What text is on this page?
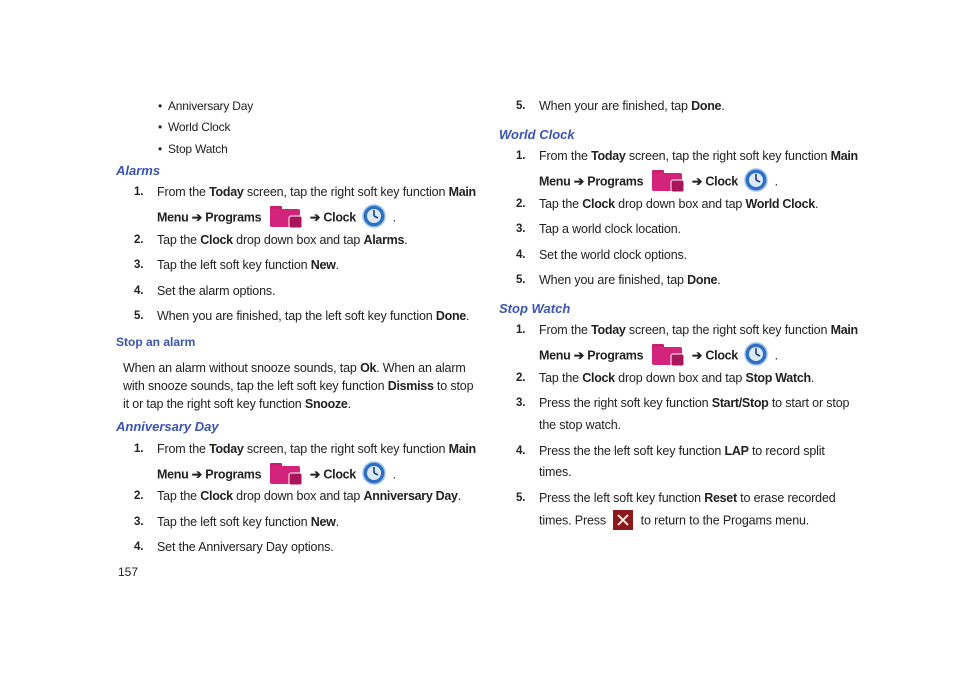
• Anniversary Day
• World Clock
• Stop Watch
Alarms
1. From the Today screen, tap the right soft key function Main
Menu ➔ Programs	➔ Clock	.
2. Tap the Clock drop down box and tap Alarms.
3. Tap the left soft key function New.
4. Set the alarm options.
5. When you are finished, tap the left soft key function Done.
Stop an alarm
When an alarm without snooze sounds, tap Ok. When an alarm
with snooze sounds, tap the left soft key function Dismiss to stop
it or tap the right soft key function Snooze.
Anniversary Day
1. From the Today screen, tap the right soft key function Main
Menu ➔ Programs	➔ Clock	.
2. Tap the Clock drop down box and tap Anniversary Day.
3. Tap the left soft key function New.
4. Set the Anniversary Day options.
157
5. When your are finished, tap Done.
World Clock
1. From the Today screen, tap the right soft key function Main
Menu ➔ Programs	➔ Clock	.
2. Tap the Clock drop down box and tap World Clock.
3. Tap a world clock location.
4. Set the world clock options.
5. When you are finished, tap Done.
Stop Watch
1. From the Today screen, tap the right soft key function Main
Menu ➔ Programs	➔ Clock	.
2. Tap the Clock drop down box and tap Stop Watch.
3. Press the right soft key function Start/Stop to start or stop
the stop watch.
4. Press the the left soft key function LAP to record split
times.
5. Press the left soft key function Reset to erase recorded
times. Press	to return to the Progams menu.
